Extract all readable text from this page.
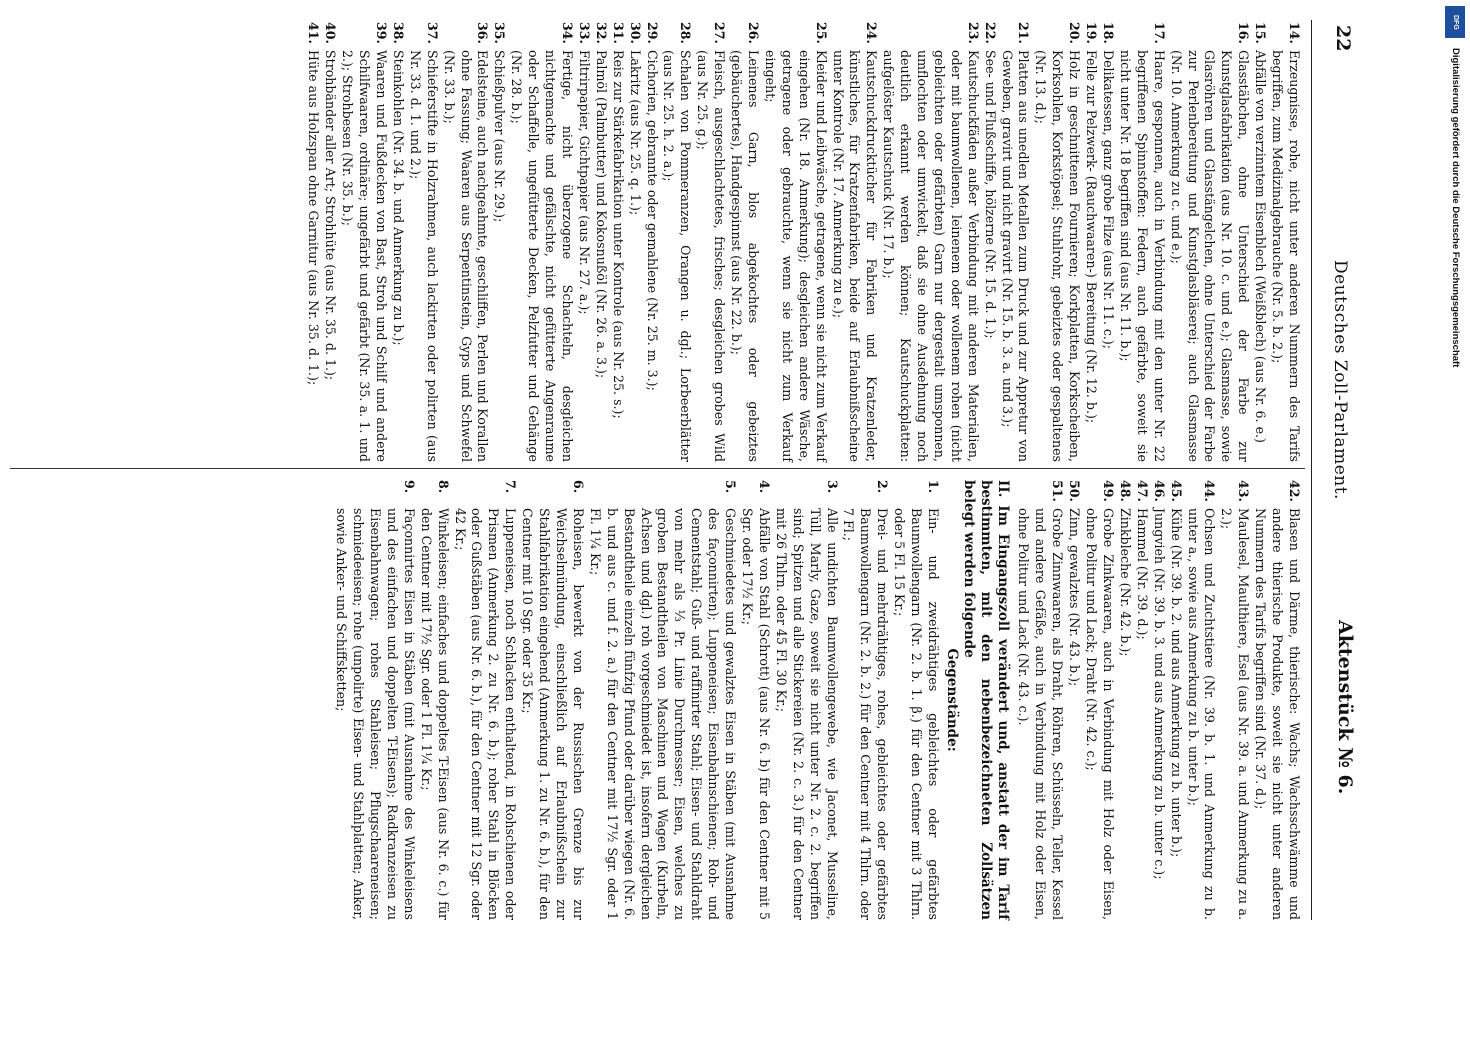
22
Deutsches Zoll-Parlament.
Aktenstück № 6.
14.
Erzeugnisse, rohe, nicht unter anderen Nummern des Tarifs begriffen, zum Medizinalgebrauche (Nr. 5. b. 2.);
15.
Abfälle von verzinntem Eisenblech (Weißblech) (aus Nr. 6. e.)
16.
Glasstäbchen, ohne Unterschied der Farbe zur Kunstglasfabrikation (aus Nr. 10. c. und e.); Glasmasse, sowie Glasröhren und Glasstängelchen, ohne Unterschied der Farbe zur Perlenbereitung und Kunstglasbläserei; auch Glasmasse (Nr. 10. Anmerkung zu c. und e.);
17.
Haare, gesponnen, auch in Verbindung mit den unter Nr. 22 begriffenen Spinnstoffen: Federn, auch gefärbte, soweit sie nicht unter Nr. 18 begriffen sind (aus Nr. 11. b.);
18.
Delikatessen, ganz grobe Filze (aus Nr. 11. c.);
19.
Felle zur Pelzwerk- (Rauchwaaren-) Bereitung (Nr. 12. b.);
20.
Holz in geschnittenen Fournieren; Korkplatten, Korkscheiben, Korksohlen, Korkstöpsel; Stuhlrohr, gebeiztes oder gespaltenes (Nr. 13. d.);
21.
Platten aus unedlen Metallen zum Druck und zur Appretur von Geweben, gravirt und nicht gravirt (Nr. 15. b. 3. a. und 3.);
22.
See- und Flußschiffe, hölzerne (Nr. 15. d. 1.);
23.
Kautschuckfäden außer Verbindung mit anderen Materialien, oder mit baumwollenen, leinenem oder wollenem rohen (nicht gebleichten oder gefärbten) Garn nur dergestalt umsponnen, umflochten oder umwickelt, daß sie ohne Ausdehnung noch deutlich erkannt werden können; Kautschuckplatten: aufgelöster Kautschuck (Nr. 17. b.);
24.
Kautschuckdrucktücher für Fabriken und Kratzenleder, künstliches, für Kratzenfabriken, beide auf Erlaubnißscheine unter Kontrole (Nr. 17. Anmerkung zu e.);
25.
Kleider und Leibwäsche, getragene, wenn sie nicht zum Verkauf eingehen (Nr. 18. Anmerkung); desgleichen andere Wäsche, getragene oder gebrauchte, wenn sie nicht zum Verkauf eingeht;
26.
Leinenes Garn, blos abgekochtes oder gebeiztes (gebäuchertes), Handgespinnst (aus Nr. 22. b.);
27.
Fleisch, ausgeschlachtetes, frisches; desgleichen grobes Wild (aus Nr. 25. g.);
28.
Schalen von Pommeranzen, Orangen u. dgl.; Lorbeerblätter (aus Nr. 25. h. 2. a.);
29.
Cichorien, gebrannte oder gemahlene (Nr. 25. m. 3.);
30.
Lakritz (aus Nr. 25. q. 1.);
31.
Reis zur Stärkefabrikation unter Kontrole (aus Nr. 25. s.);
32.
Palmöl (Palmbutter) und Kokosnußöl (Nr. 26. a. 3.);
33.
Filtrirpapier, Gichtpapier (aus Nr. 27. a.);
34.
Fertige, nicht überzogene Schachteln, desgleichen nichtgemachte und gefälschte, nicht gefütterte Angenraume oder Schaffelle, ungefütterte Decken, Pelzfutter und Gehänge (Nr. 28. b.);
35.
Schießpulver (aus Nr. 29.);
36.
Edelsteine, auch nachgeahmte, geschliffen, Perlen und Korallen ohne Fassung; Waaren aus Serpentinstein, Gyps und Schwefel (Nr. 33. b.);
37.
Schieferstifte in Holzrahmen, auch lackirten oder polirten (aus Nr. 33. d. 1. und 2.);
38.
Steinkohlen (Nr. 34. b. und Anmerkung zu b.);
39.
Waaren und Fußdecken von Bast, Stroh und Schilf und andere Schilfwaaren, ordinäre; ungefärbt und gefärbt (Nr. 35. a. 1. und 2.); Strohbesen (Nr. 35. b.);
40.
Strohbänder aller Art; Strohhüte (aus Nr. 35. d. 1.);
41.
Hüte aus Holzspan ohne Garnitur (aus Nr. 35. d. 1.);
42.
Blasen und Därme, thierische: Wachs; Wachsschwämme und andere thierische Produkte, soweit sie nicht unter anderen Nummern des Tarifs begriffen sind (Nr. 37. d.);
43.
Maulesel, Maulthiere, Esel (aus Nr. 39. a. und Anmerkung zu a. 2.);
44.
Ochsen und Zuchtstiere (Nr. 39. b. 1. und Anmerkung zu b. unter a., sowie aus Anmerkung zu b. unter b.);
45.
Kühe (Nr. 39. b. 2. und aus Anmerkung zu b. unter b.);
46.
Jungvieh (Nr. 39. b. 3. und aus Anmerkung zu b. unter c.);
47.
Hammel (Nr. 39. d.);
48.
Zinkbleche (Nr. 42. b.);
49.
Grobe Zinkwaaren, auch in Verbindung mit Holz oder Eisen, ohne Politur und Lack; Draht (Nr. 42. c.);
50.
Zinn, gewalztes (Nr. 43. b.);
51.
Grobe Zinnwaaren, als Draht, Röhren, Schüsseln, Teller, Kessel und andere Gefäße, auch in Verbindung mit Holz oder Eisen, ohne Politur und Lack (Nr. 43. c.).
II. Im Eingangszoll verändert und, anstatt der im Tarif bestimmten, mit den nebenbezeichneten Zollsätzen belegt werden folgende
Gegenstände:
1.
Ein- und zweidrähtiges gebleichtes oder gefärbtes Baumwollengarn (Nr. 2. b. 1. β.) für den Centner mit 3 Thlrn. oder 5 Fl. 15 Kr.;
2.
Drei- und mehrdrähtiges, rohes, gebleichtes oder gefärbtes Baumwollengarn (Nr. 2. b. 2.) für den Centner mit 4 Thlrn. oder 7 Fl.;
3.
Alle undichten Baumwollengewebe, wie Jaconet, Musseline, Tüll, Marly, Gaze, soweit sie nicht unter Nr. 2. c. 2. begriffen sind; Spitzen und alle Stickereien (Nr. 2. c. 3.) für den Centner mit 26 Thlrn. oder 45 Fl. 30 Kr.;
4.
Abfälle von Stahl (Schrott) (aus Nr. 6. b) für den Centner mit 5 Sgr. oder 17½ Kr.;
5.
Geschmiedetes und gewalztes Eisen in Stäben (mit Ausnahme des façonnirten); Luppeneisen; Eisenbahnschienen; Roh- und Cementstahl; Guß- und raffinirter Stahl; Eisen- und Stahldraht von mehr als ⅓ Pr. Linie Durchmesser; Eisen, welches zu groben Bestandtheilen von Maschinen und Wagen (Kurbeln, Achsen und dgl.) roh vorgeschmiedet ist, insofern dergleichen Bestandtheile einzeln fünfzig Pfund oder darüber wiegen (Nr. 6. b. und aus c. und f. 2. a.) für den Centner mit 17½ Sgr. oder 1 Fl. 1¼ Kr.;
6.
Roheisen, bewerkt von der Russischen Grenze bis zur Weichselmündung, einschließlich auf Erlaubnißschein zur Stahlfabrikation eingehend (Anmerkung 1. zu Nr. 6. b.), für den Centner mit 10 Sgr. oder 35 Kr.;
7.
Luppeneisen, noch Schlacken enthaltend, in Rohschienen oder Prismen (Anmerkung 2. zu Nr. 6. b.); roher Stahl in Blöcken oder Gußstäben (aus Nr. 6. b.), für den Centner mit 12 Sgr. oder 42 Kr.;
8.
Winkeleisen; einfaches und doppeltes T-Eisen (aus Nr. 6. c.) für den Centner mit 17½ Sgr. oder 1 Fl. 1¼ Kr.;
9.
Façonnirtes Eisen in Stäben (mit Ausnahme des Winkeleisens und des einfachen und doppelten T-Eisens); Radkranzeisen zu Eisenbahnwagen; rohes Stahleisen; Pflugschaareneisen; schmiedeeisen; rohe (unpolirte) Eisen- und Stahlplatten; Anker, sowie Anker- und Schiffsketten;
DFG
Digitalisierung gefördert durch die Deutsche Forschungsgemeinschaft
